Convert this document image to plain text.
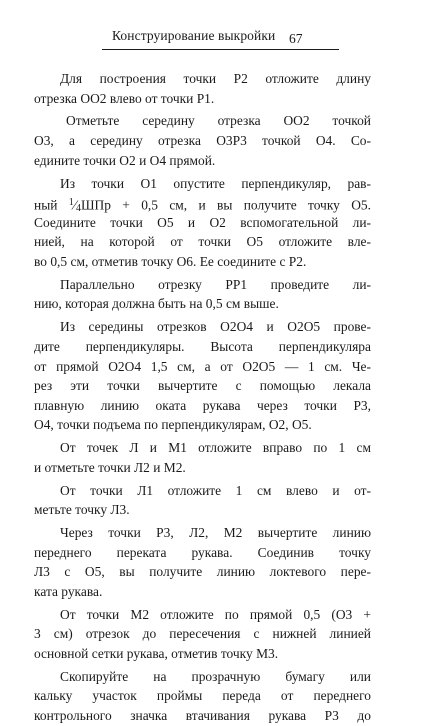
Конструирование выкройки 67
Для построения точки P2 отложите длину
отрезка OO2 влево от точки P1.
Отметьте середину отрезка OO2 точкой
O3, а середину отрезка O3P3 точкой O4. Со-
едините точки O2 и O4 прямой.
Из точки O1 опустите перпендикуляр, рав-
ный $^1$⁄4ШПр + 0,5 см, и вы получите точку O5.
Соедините точки O5 и O2 вспомогательной ли-
нией, на которой от точки O5 отложите вле-
во 0,5 см, отметив точку O6. Ее соедините с P2.
Параллельно отрезку PP1 проведите ли-
нию, которая должна быть на 0,5 см выше.
Из середины отрезков O2O4 и O2O5 прове-
дите перпендикуляры. Высота перпендикуляра
от прямой O2O4 1,5 см, а от O2O5 — 1 см. Че-
рез эти точки вычертите с помощью лекала
плавную линию оката рукава через точки P3,
O4, точки подъема по перпендикулярам, O2, O5.
От точек Л и M1 отложите вправо по 1 см
и отметьте точки Л2 и M2.
От точки Л1 отложите 1 см влево и от-
метьте точку Л3.
Через точки P3, Л2, M2 вычертите линию
переднего переката рукава. Соединив точку
Л3 с O5, вы получите линию локтевого пере-
ката рукава.
От точки M2 отложите по прямой 0,5 (O3 +
3 см) отрезок до пересечения с нижней линией
основной сетки рукава, отметив точку M3.
Скопируйте на прозрачную бумагу или
кальку участок проймы переда от переднего
контрольного значка втачивания рукава P3 до
